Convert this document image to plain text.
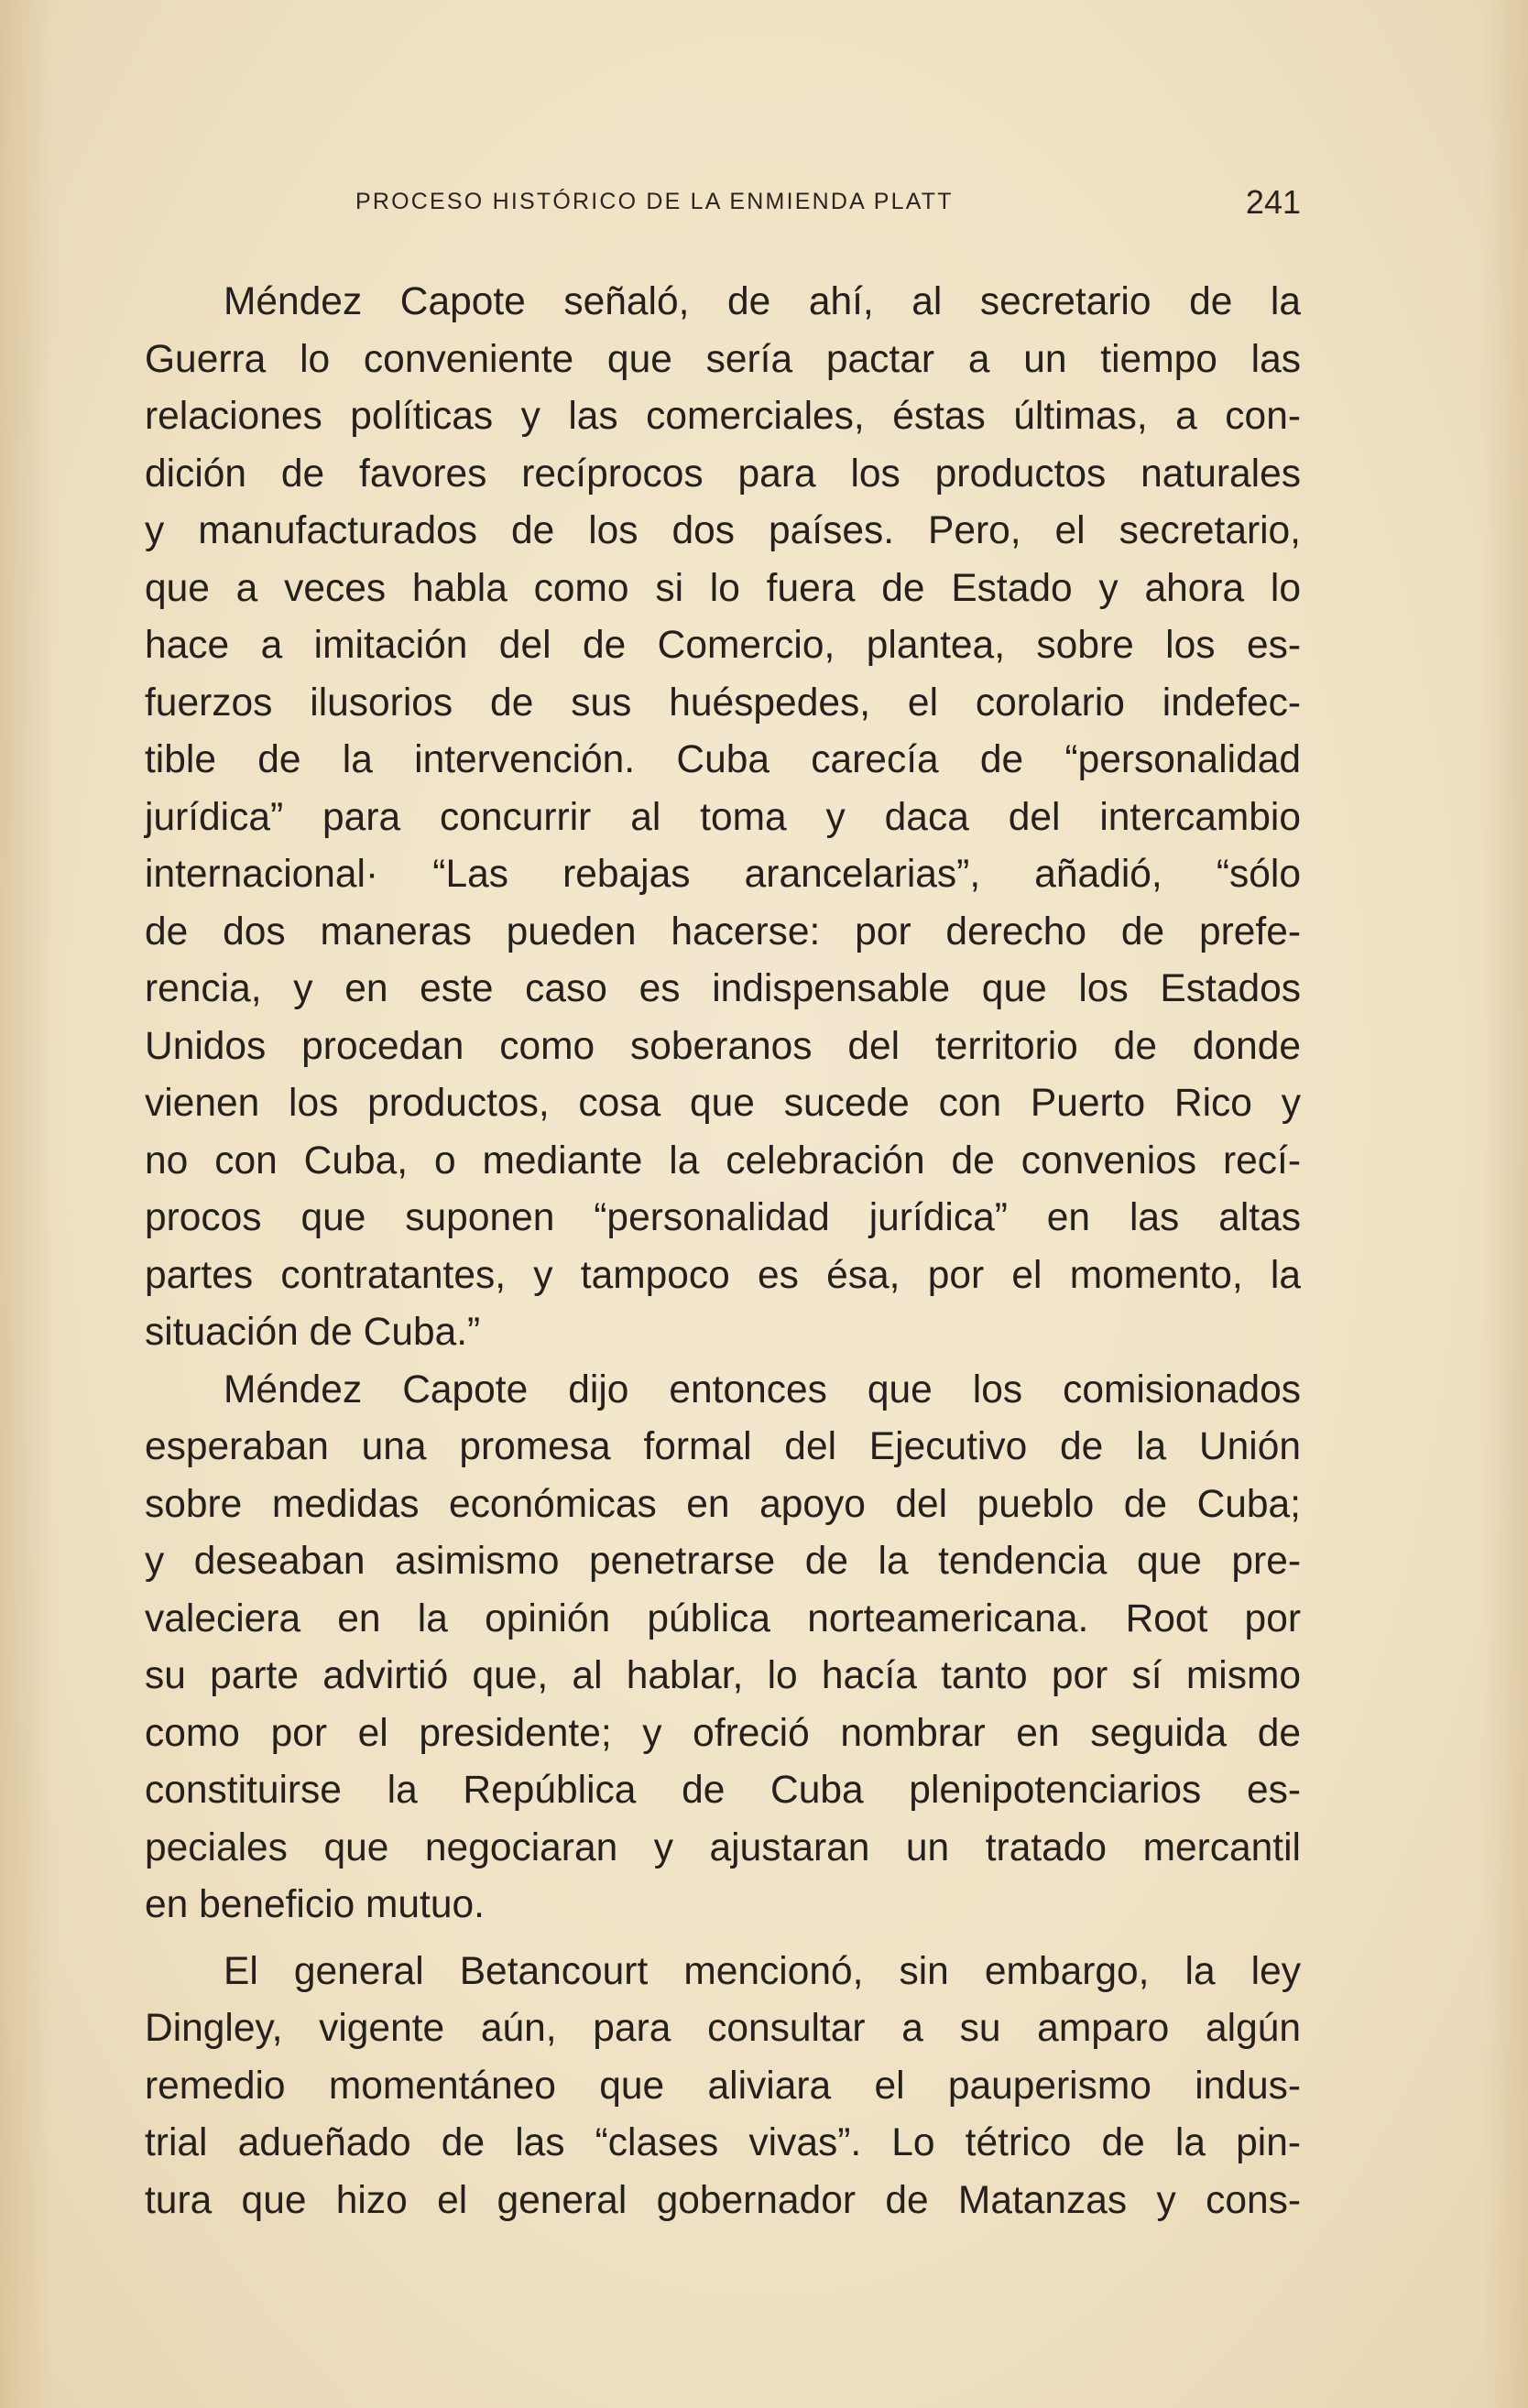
PROCESO HISTÓRICO DE LA ENMIENDA PLATT	241
Méndez Capote señaló, de ahí, al secretario de la
Guerra lo conveniente que sería pactar a un tiempo las
relaciones políticas y las comerciales, éstas últimas, a con-
dición de favores recíprocos para los productos naturales
y manufacturados de los dos países. Pero, el secretario,
que a veces habla como si lo fuera de Estado y ahora lo
hace a imitación del de Comercio, plantea, sobre los es-
fuerzos ilusorios de sus huéspedes, el corolario indefec-
tible de la intervención. Cuba carecía de “personalidad
jurídica” para concurrir al toma y daca del intercambio
internacional· “Las rebajas arancelarias”, añadió, “sólo
de dos maneras pueden hacerse: por derecho de prefe-
rencia, y en este caso es indispensable que los Estados
Unidos procedan como soberanos del territorio de donde
vienen los productos, cosa que sucede con Puerto Rico y
no con Cuba, o mediante la celebración de convenios recí-
procos que suponen “personalidad jurídica” en las altas
partes contratantes, y tampoco es ésa, por el momento, la
situación de Cuba.”
Méndez Capote dijo entonces que los comisionados
esperaban una promesa formal del Ejecutivo de la Unión
sobre medidas económicas en apoyo del pueblo de Cuba;
y deseaban asimismo penetrarse de la tendencia que pre-
valeciera en la opinión pública norteamericana. Root por
su parte advirtió que, al hablar, lo hacía tanto por sí mismo
como por el presidente; y ofreció nombrar en seguida de
constituirse la República de Cuba plenipotenciarios es-
peciales que negociaran y ajustaran un tratado mercantil
en beneficio mutuo.
El general Betancourt mencionó, sin embargo, la ley
Dingley, vigente aún, para consultar a su amparo algún
remedio momentáneo que aliviara el pauperismo indus-
trial adueñado de las “clases vivas”. Lo tétrico de la pin-
tura que hizo el general gobernador de Matanzas y cons-
